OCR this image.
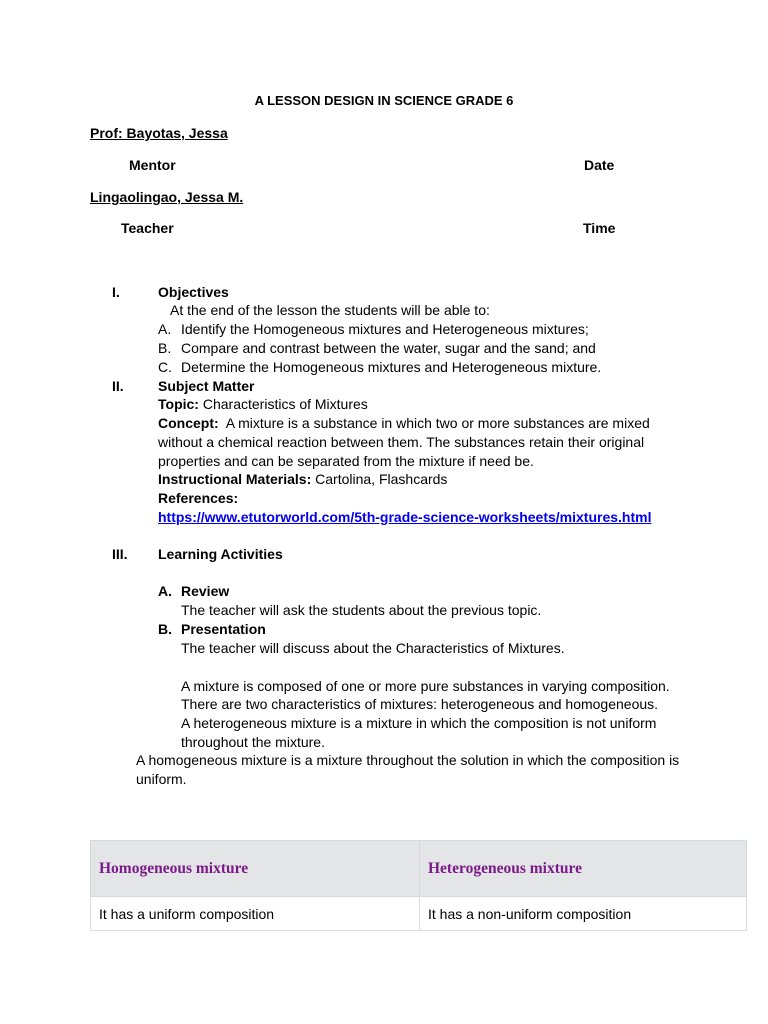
A LESSON DESIGN IN SCIENCE GRADE 6
Prof: Bayotas, Jessa
Mentor	Date
Lingaolingao, Jessa M.
Teacher	Time
I.	Objectives
At the end of the lesson the students will be able to:
A. Identify the Homogeneous mixtures and Heterogeneous mixtures;
B. Compare and contrast between the water, sugar and the sand; and
C. Determine the Homogeneous mixtures and Heterogeneous mixture.
II. Subject Matter
Topic: Characteristics of Mixtures
Concept: A mixture is a substance in which two or more substances are mixed
without a chemical reaction between them. The substances retain their original
properties and can be separated from the mixture if need be.
Instructional Materials: Cartolina, Flashcards
References:
https://www.etutorworld.com/5th-grade-science-worksheets/mixtures.html
III. Learning Activities
A. Review
The teacher will ask the students about the previous topic.
B. Presentation
The teacher will discuss about the Characteristics of Mixtures.
A mixture is composed of one or more pure substances in varying composition.
There are two characteristics of mixtures: heterogeneous and homogeneous.
A heterogeneous mixture is a mixture in which the composition is not uniform
throughout the mixture.
A homogeneous mixture is a mixture throughout the solution in which the composition is
uniform.
Homogeneous mixture	Heterogeneous mixture
It has a uniform composition	It has a non-uniform composition
